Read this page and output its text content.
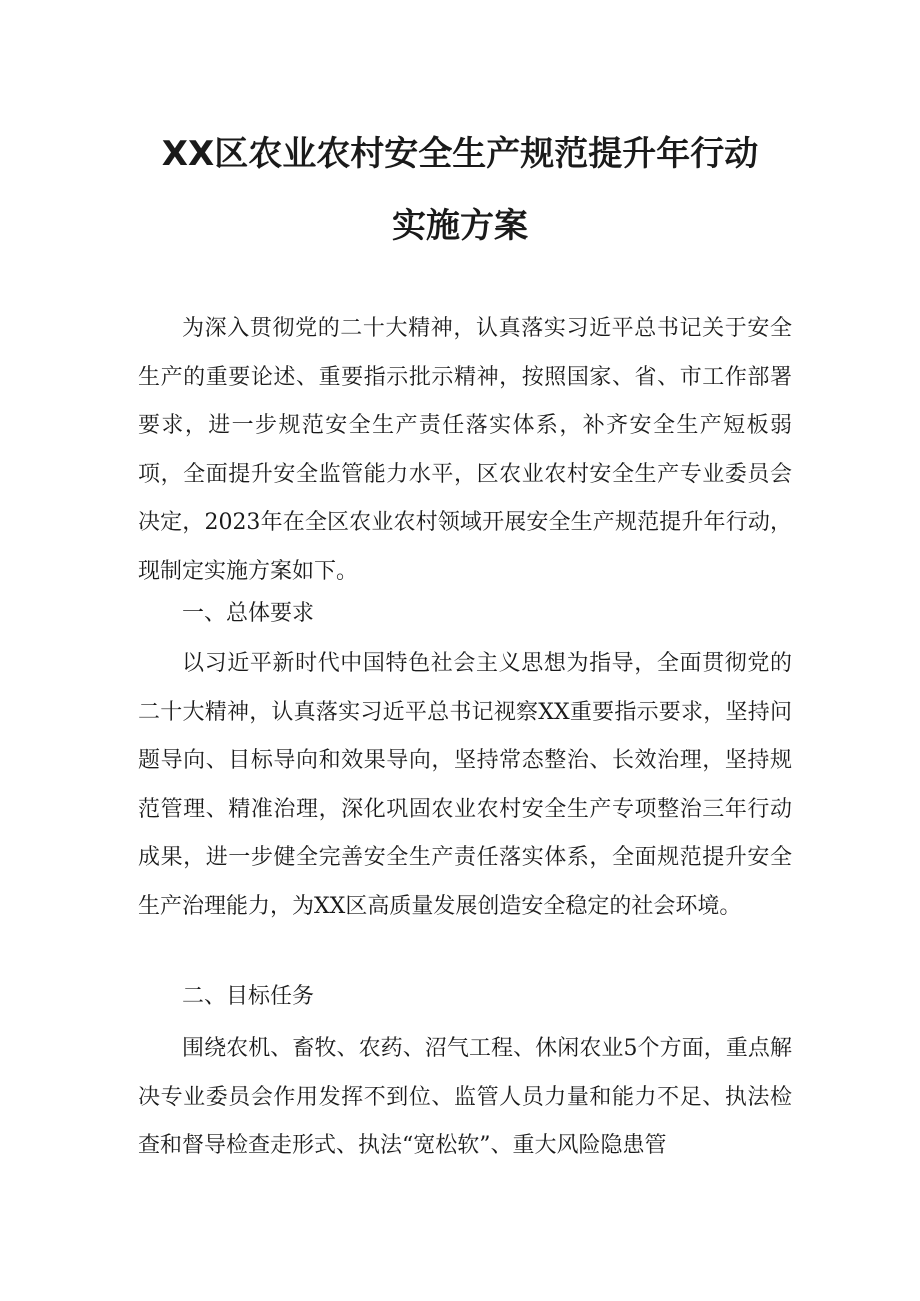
XX区农业农村安全生产规范提升年行动
实施方案

为深入贯彻党的二十大精神，认真落实习近平总书记关于安全生产的重要论述、重要指示批示精神，按照国家、省、市工作部署要求，进一步规范安全生产责任落实体系，补齐安全生产短板弱项，全面提升安全监管能力水平，区农业农村安全生产专业委员会决定，2023年在全区农业农村领域开展安全生产规范提升年行动，现制定实施方案如下。

一、总体要求

以习近平新时代中国特色社会主义思想为指导，全面贯彻党的二十大精神，认真落实习近平总书记视察XX重要指示要求，坚持问题导向、目标导向和效果导向，坚持常态整治、长效治理，坚持规范管理、精准治理，深化巩固农业农村安全生产专项整治三年行动成果，进一步健全完善安全生产责任落实体系，全面规范提升安全生产治理能力，为XX区高质量发展创造安全稳定的社会环境。

二、目标任务

围绕农机、畜牧、农药、沼气工程、休闲农业5个方面，重点解决专业委员会作用发挥不到位、监管人员力量和能力不足、执法检查和督导检查走形式、执法“宽松软”、重大风险隐患管
